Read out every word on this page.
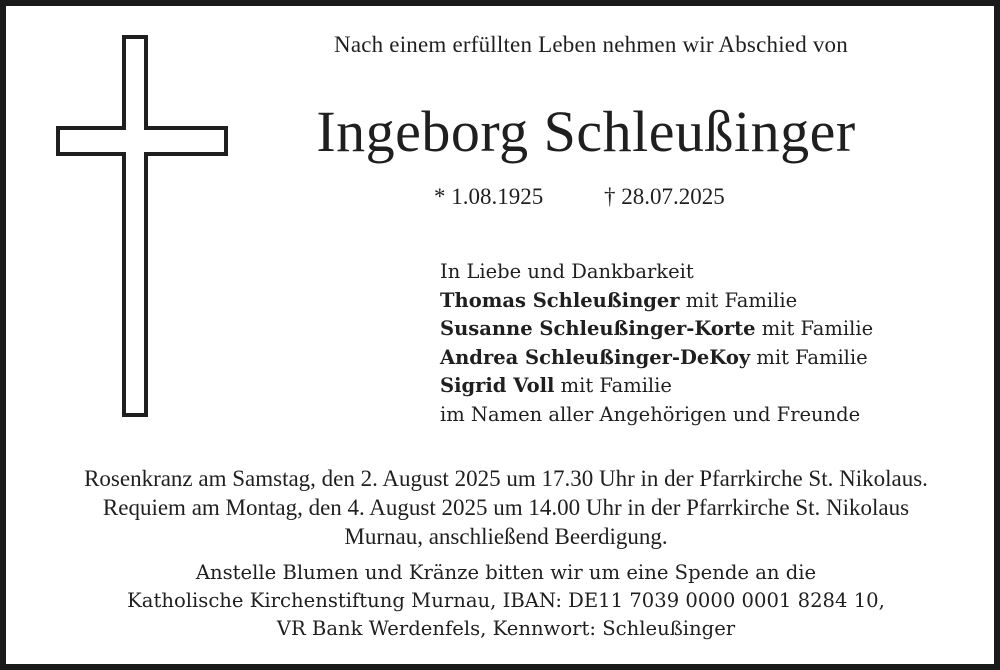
Nach einem erfüllten Leben nehmen wir Abschied von
Ingeborg Schleußinger
* 1.08.1925	† 28.07.2025
In Liebe und Dankbarkeit
Thomas Schleußinger mit Familie
Susanne Schleußinger-Korte mit Familie
Andrea Schleußinger-DeKoy mit Familie
Sigrid Voll mit Familie
im Namen aller Angehörigen und Freunde
Rosenkranz am Samstag, den 2. August 2025 um 17.30 Uhr in der Pfarrkirche St. Nikolaus.
Requiem am Montag, den 4. August 2025 um 14.00 Uhr in der Pfarrkirche St. Nikolaus
Murnau, anschließend Beerdigung.
Anstelle Blumen und Kränze bitten wir um eine Spende an die
Katholische Kirchenstiftung Murnau, IBAN: DE11 7039 0000 0001 8284 10,
VR Bank Werdenfels, Kennwort: Schleußinger
